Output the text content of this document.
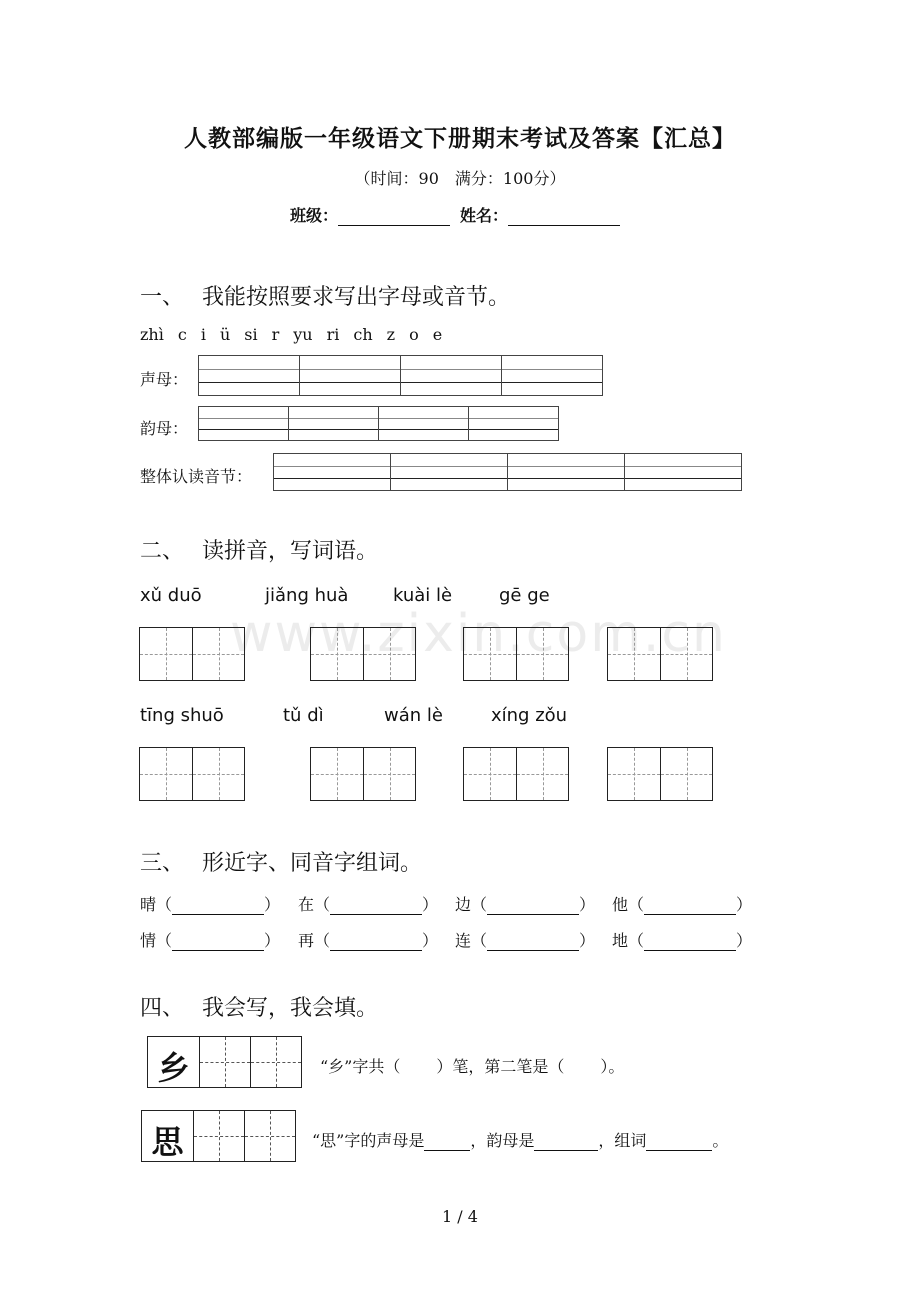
www.zixin.com.cn
人教部编版一年级语文下册期末考试及答案【汇总】
（时间：90 满分：100分）
班级：	姓名：
一、 我能按照要求写出字母或音节。
zhì c i ü si r yu ri ch z o e
声母：
韵母：
整体认读音节：
二、 读拼音，写词语。
xǔ duō	jiǎng huà kuài lè	gē ge
tīng shuō	tǔ dì	wán lè	xíng zǒu
三、 形近字、同音字组词。
晴（	） 在（	） 边（	） 他（	）
情（	） 再（	） 连（	） 地（	）
四、 我会写，我会填。
乡	“乡”字共（ ）笔，第二笔是（ ）。
思	“思”字的声母是	，韵母是	，组词	。
1 / 4
